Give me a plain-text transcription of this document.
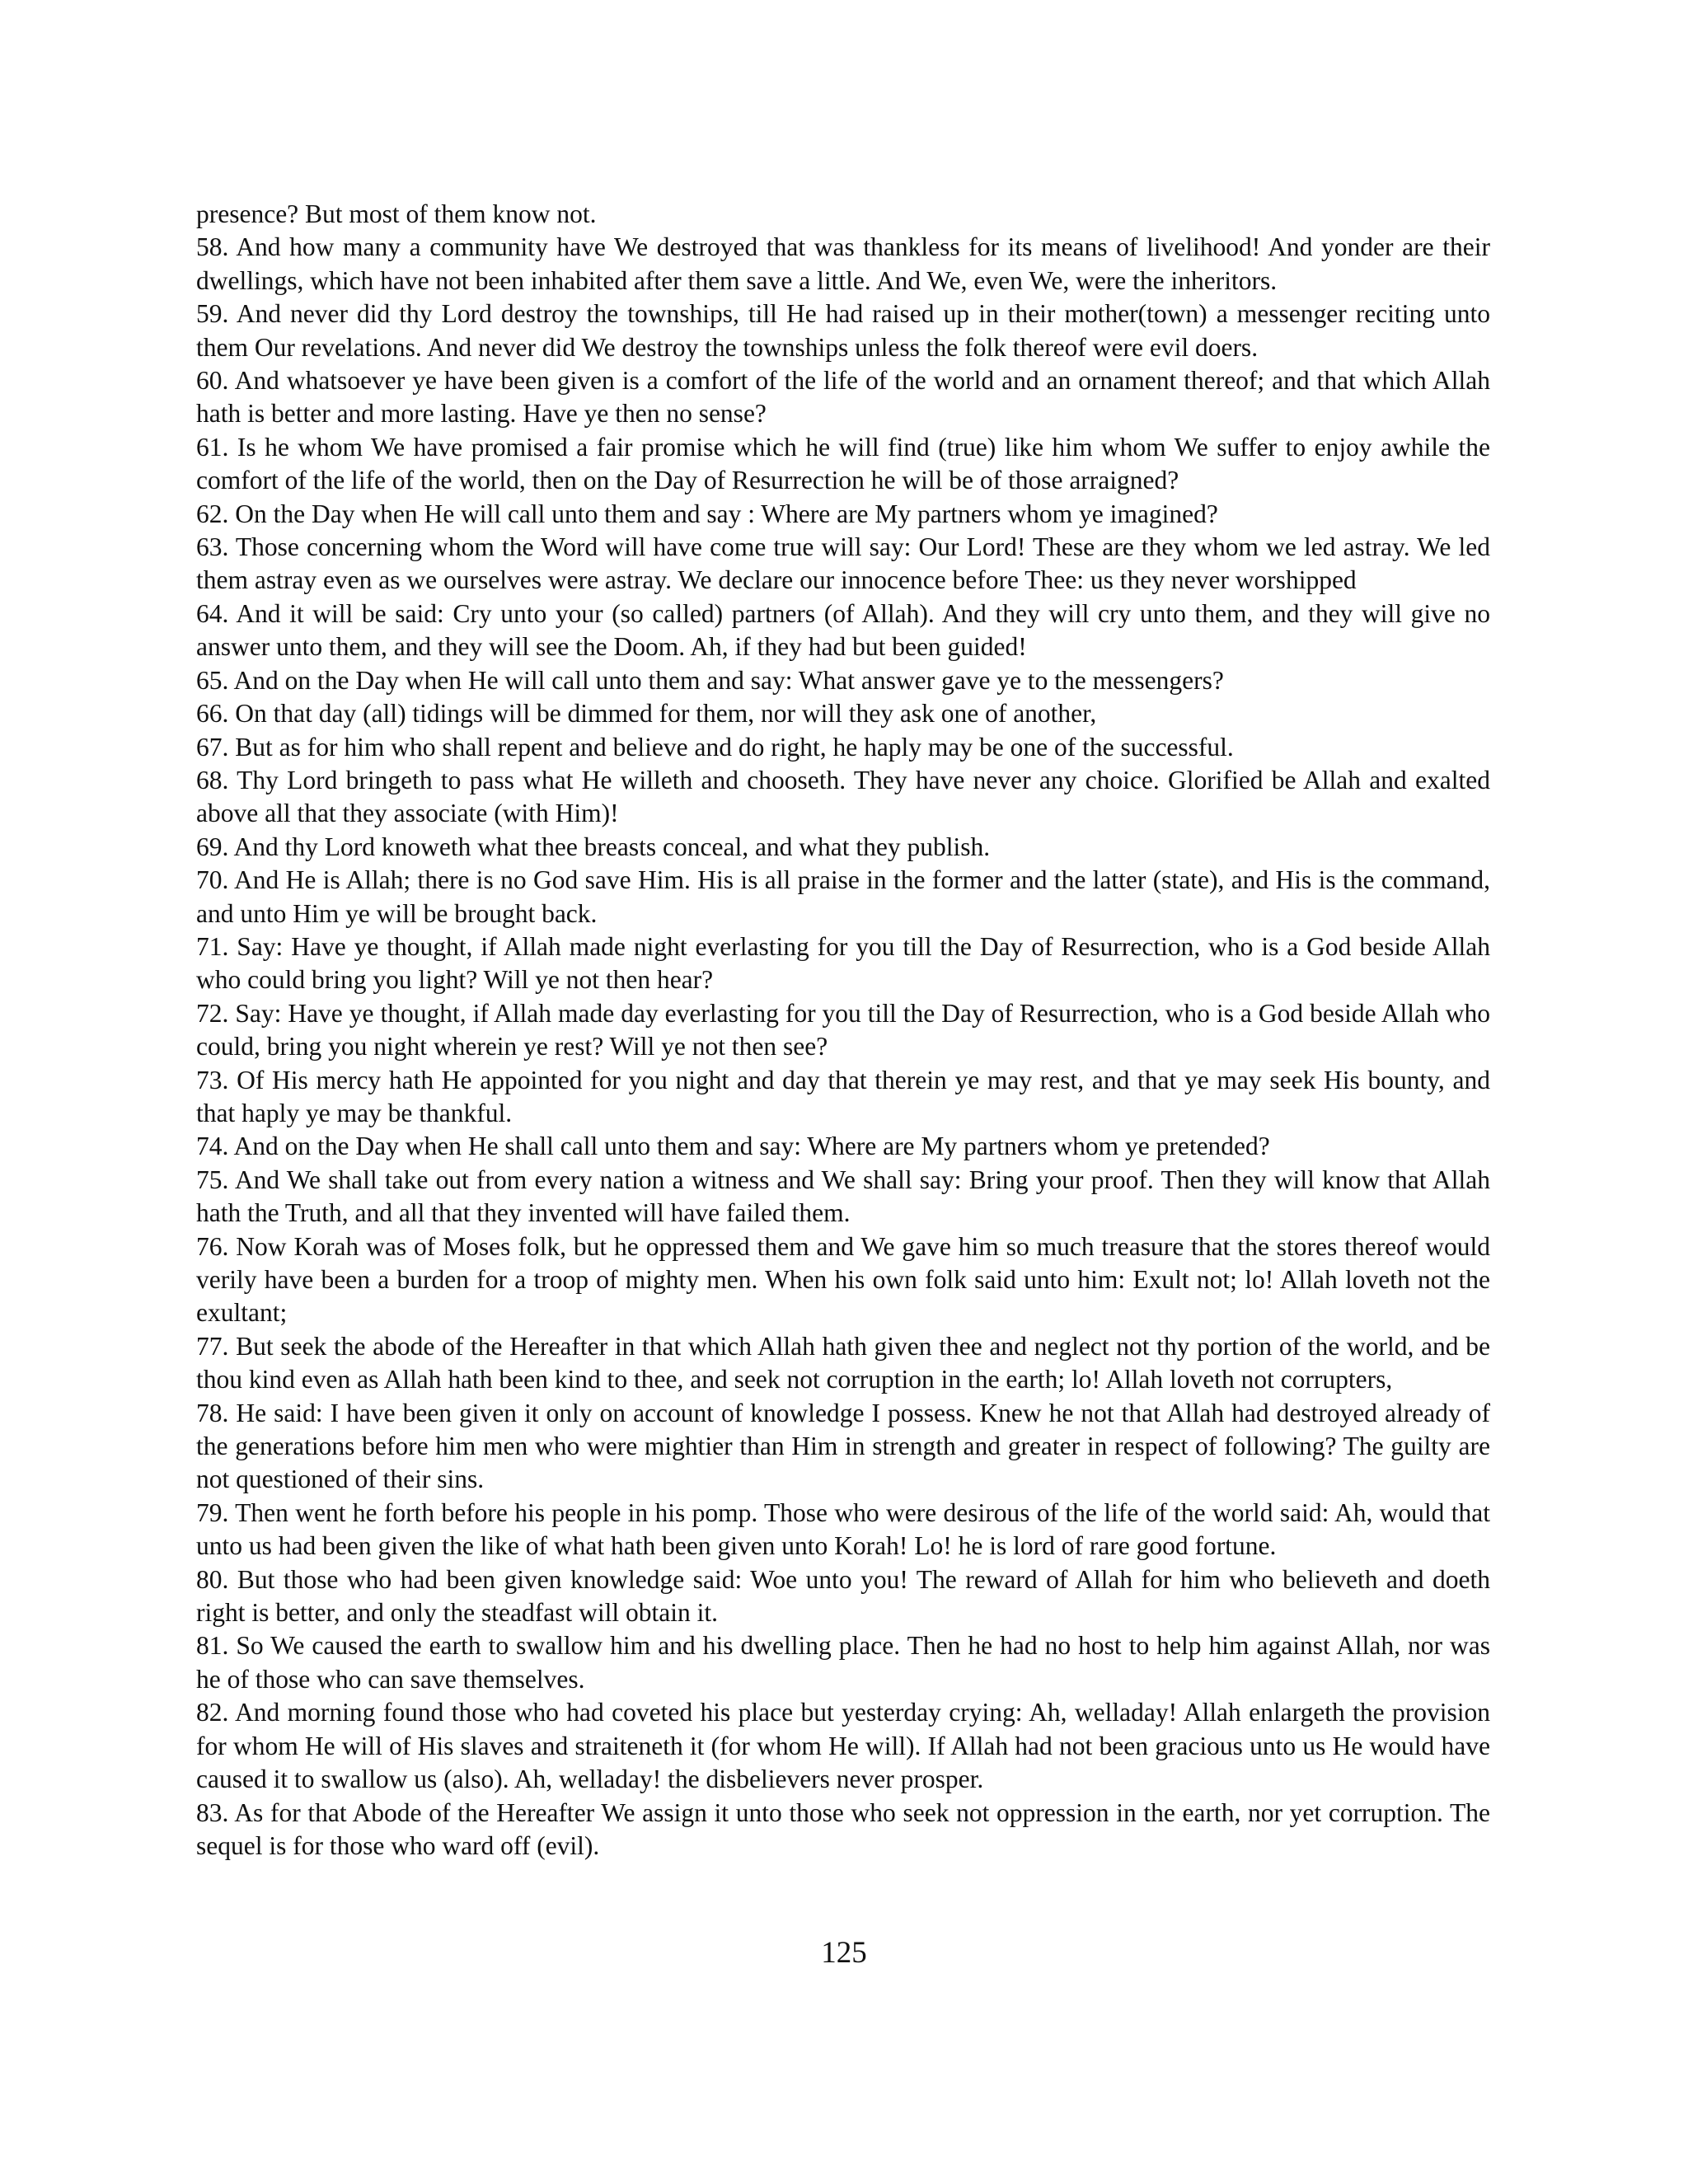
presence? But most of them know not.

58. And how many a community have We destroyed that was thankless for its means of livelihood! And yonder are their dwellings, which have not been inhabited after them save a little. And We, even We, were the inheritors.

59. And never did thy Lord destroy the townships, till He had raised up in their mother(town) a messenger reciting unto them Our revelations. And never did We destroy the townships unless the folk thereof were evil doers.

60. And whatsoever ye have been given is a comfort of the life of the world and an ornament thereof; and that which Allah hath is better and more lasting. Have ye then no sense?

61. Is he whom We have promised a fair promise which he will find (true) like him whom We suffer to enjoy awhile the comfort of the life of the world, then on the Day of Resurrection he will be of those arraigned?

62. On the Day when He will call unto them and say : Where are My partners whom ye imagined?

63. Those concerning whom the Word will have come true will say: Our Lord! These are they whom we led astray. We led them astray even as we ourselves were astray. We declare our innocence before Thee: us they never worshipped

64. And it will be said: Cry unto your (so called) partners (of Allah). And they will cry unto them, and they will give no answer unto them, and they will see the Doom. Ah, if they had but been guided!

65. And on the Day when He will call unto them and say: What answer gave ye to the messengers?

66. On that day (all) tidings will be dimmed for them, nor will they ask one of another,

67. But as for him who shall repent and believe and do right, he haply may be one of the successful.

68. Thy Lord bringeth to pass what He willeth and chooseth. They have never any choice. Glorified be Allah and exalted above all that they associate (with Him)!

69. And thy Lord knoweth what thee breasts conceal, and what they publish.

70. And He is Allah; there is no God save Him. His is all praise in the former and the latter (state), and His is the command, and unto Him ye will be brought back.

71. Say: Have ye thought, if Allah made night everlasting for you till the Day of Resurrection, who is a God beside Allah who could bring you light? Will ye not then hear?

72. Say: Have ye thought, if Allah made day everlasting for you till the Day of Resurrection, who is a God beside Allah who could, bring you night wherein ye rest? Will ye not then see?

73. Of His mercy hath He appointed for you night and day that therein ye may rest, and that ye may seek His bounty, and that haply ye may be thankful.

74. And on the Day when He shall call unto them and say: Where are My partners whom ye pretended?

75. And We shall take out from every nation a witness and We shall say: Bring your proof. Then they will know that Allah hath the Truth, and all that they invented will have failed them.

76. Now Korah was of Moses folk, but he oppressed them and We gave him so much treasure that the stores thereof would verily have been a burden for a troop of mighty men. When his own folk said unto him: Exult not; lo! Allah loveth not the exultant;

77. But seek the abode of the Hereafter in that which Allah hath given thee and neglect not thy portion of the world, and be thou kind even as Allah hath been kind to thee, and seek not corruption in the earth; lo! Allah loveth not corrupters,

78. He said: I have been given it only on account of knowledge I possess. Knew he not that Allah had destroyed already of the generations before him men who were mightier than Him in strength and greater in respect of following? The guilty are not questioned of their sins.

79. Then went he forth before his people in his pomp. Those who were desirous of the life of the world said: Ah, would that unto us had been given the like of what hath been given unto Korah! Lo! he is lord of rare good fortune.

80. But those who had been given knowledge said: Woe unto you! The reward of Allah for him who believeth and doeth right is better, and only the steadfast will obtain it.

81. So We caused the earth to swallow him and his dwelling place. Then he had no host to help him against Allah, nor was he of those who can save themselves.

82. And morning found those who had coveted his place but yesterday crying: Ah, welladay! Allah enlargeth the provision for whom He will of His slaves and straiteneth it (for whom He will). If Allah had not been gracious unto us He would have caused it to swallow us (also). Ah, welladay! the disbelievers never prosper.

83. As for that Abode of the Hereafter We assign it unto those who seek not oppression in the earth, nor yet corruption. The sequel is for those who ward off (evil).

125
